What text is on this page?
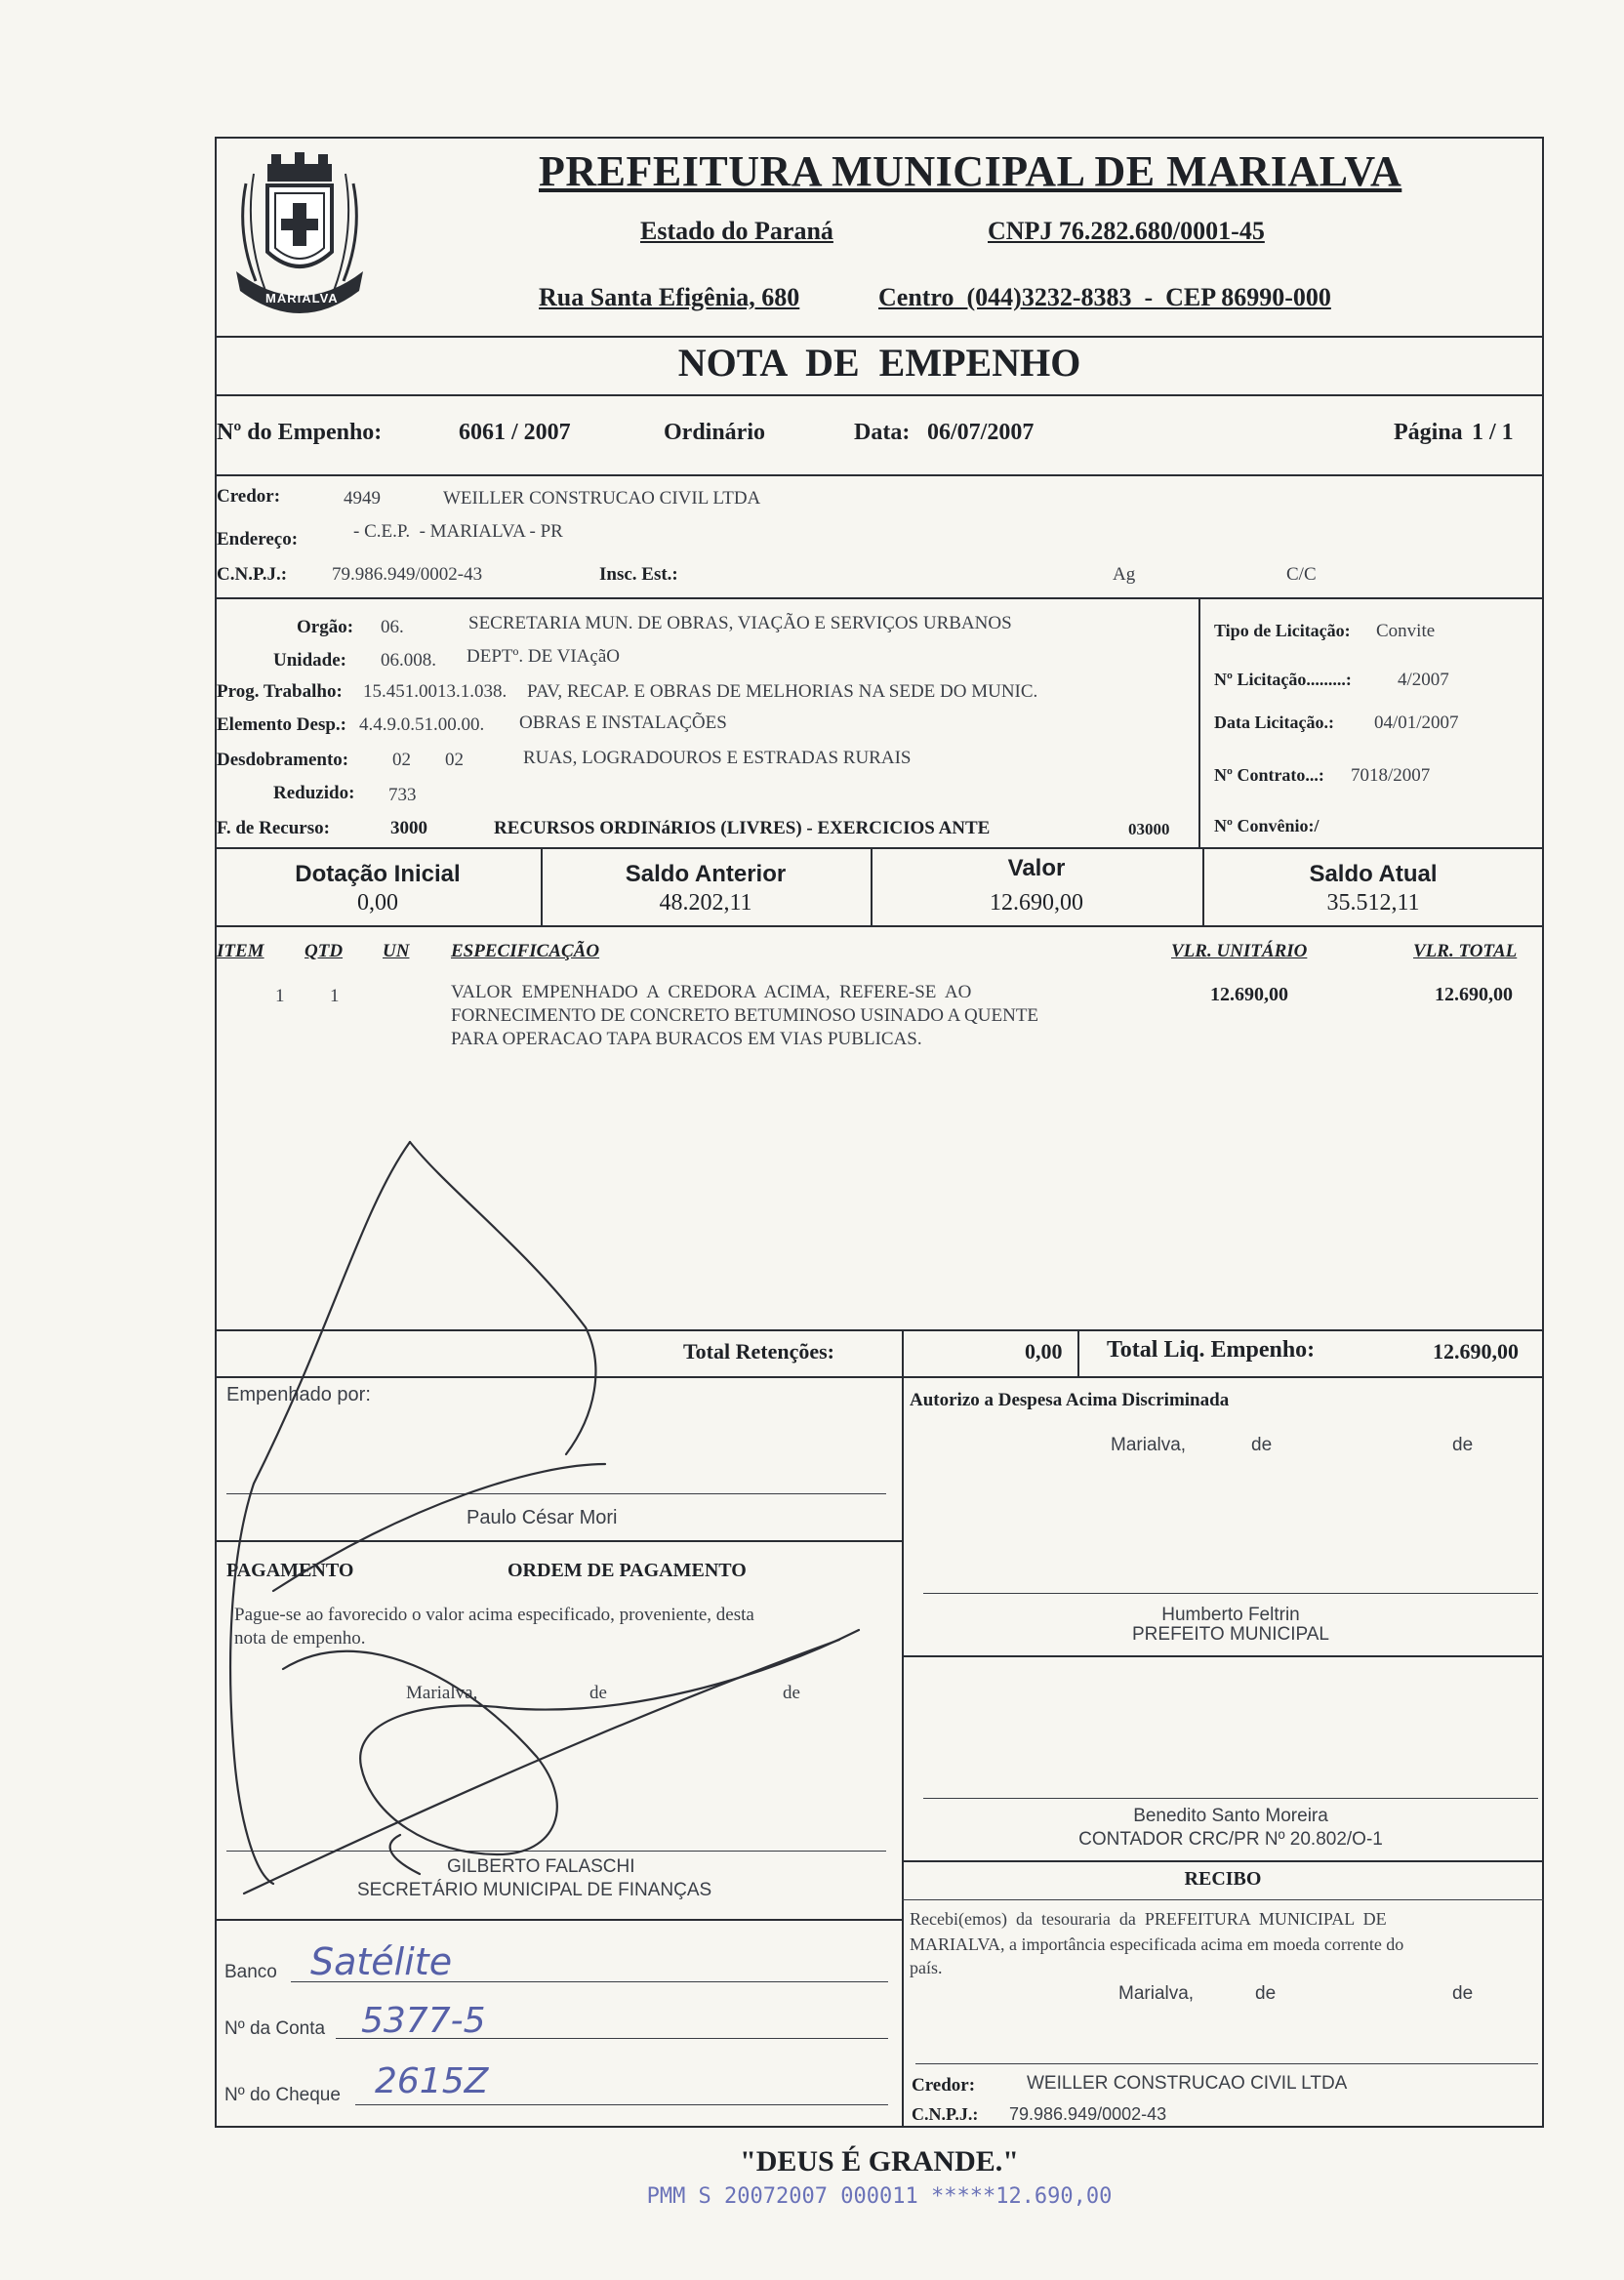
MARIALVA
PREFEITURA MUNICIPAL DE MARIALVA
Estado do Paraná	CNPJ 76.282.680/0001-45
Rua Santa Efigênia, 680	Centro  (044)3232-8383  -  CEP 86990-000
NOTA  DE  EMPENHO
Nº do Empenho:	6061 / 2007	Ordinário	Data: 06/07/2007	Página 1 / 1
Credor:	4949	WEILLER CONSTRUCAO CIVIL LTDA
Endereço:	- C.E.P.  - MARIALVA - PR
C.N.P.J.: 79.986.949/0002-43	Insc. Est.:	Ag	C/C
Orgão: 06.	SECRETARIA MUN. DE OBRAS, VIAÇÃO E SERVIÇOS URBANOS
Unidade: 06.008. DEPTº. DE VIAçãO
Prog. Trabalho: 15.451.0013.1.038. PAV, RECAP. E OBRAS DE MELHORIAS NA SEDE DO MUNIC.
Elemento Desp.: 4.4.9.0.51.00.00. OBRAS E INSTALAÇÕES
Desdobramento: 02 02	RUAS, LOGRADOUROS E ESTRADAS RURAIS
Reduzido: 733
F. de Recurso:	3000	RECURSOS ORDINáRIOS (LIVRES) - EXERCICIOS ANTE	03000
Tipo de Licitação: Convite
Nº Licitação.........: 4/2007
Data Licitação.: 04/01/2007
Nº Contrato...: 7018/2007
Nº Convênio:/
Dotação Inicial
0,00
Saldo Anterior
48.202,11
Valor
12.690,00
Saldo Atual
35.512,11
ITEM QTD UN ESPECIFICAÇÃO	VLR. UNITÁRIO	VLR. TOTAL
1 1	VALOR  EMPENHADO  A  CREDORA  ACIMA,  REFERE-SE  AO
FORNECIMENTO DE CONCRETO BETUMINOSO USINADO A QUENTE
PARA OPERACAO TAPA BURACOS EM VIAS PUBLICAS.
12.690,00	12.690,00
Total Retenções:	0,00 Total Liq. Empenho:	12.690,00
Empenhado por:
Paulo César Mori
PAGAMENTO	ORDEM DE PAGAMENTO
Pague-se ao favorecido o valor acima especificado, proveniente, desta
nota de empenho.
Marialva,	de	de
GILBERTO FALASCHI
SECRETÁRIO MUNICIPAL DE FINANÇAS
Banco Satélite
Nº da Conta 5377-5
Nº do Cheque 2615Z
Autorizo a Despesa Acima Discriminada
Marialva,	de	de
Humberto Feltrin
PREFEITO MUNICIPAL
Benedito Santo Moreira
CONTADOR CRC/PR Nº 20.802/O-1
RECIBO
Recebi(emos)  da  tesouraria  da  PREFEITURA  MUNICIPAL  DE
MARIALVA, a importância especificada acima em moeda corrente do
país.
Marialva,	de	de
Credor:	WEILLER CONSTRUCAO CIVIL LTDA
C.N.P.J.: 79.986.949/0002-43
"DEUS É GRANDE."
PMM S 20072007 000011 *****12.690,00
